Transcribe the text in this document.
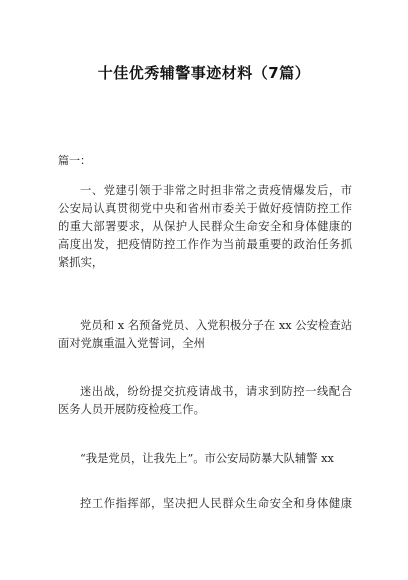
十佳优秀辅警事迹材料（7篇）
篇一：
一、党建引领于非常之时担非常之责疫情爆发后，市
公安局认真贯彻党中央和省州市委关于做好疫情防控工作
的重大部署要求，从保护人民群众生命安全和身体健康的
高度出发，把疫情防控工作作为当前最重要的政治任务抓
紧抓实，
党员和 x 名预备党员、入党积极分子在 xx 公安检查站
面对党旗重温入党誓词，全州
迷出战，纷纷提交抗疫请战书，请求到防控一线配合
医务人员开展防疫检疫工作。
“我是党员，让我先上”。市公安局防暴大队辅警 xx
控工作指挥部，坚决把人民群众生命安全和身体健康
